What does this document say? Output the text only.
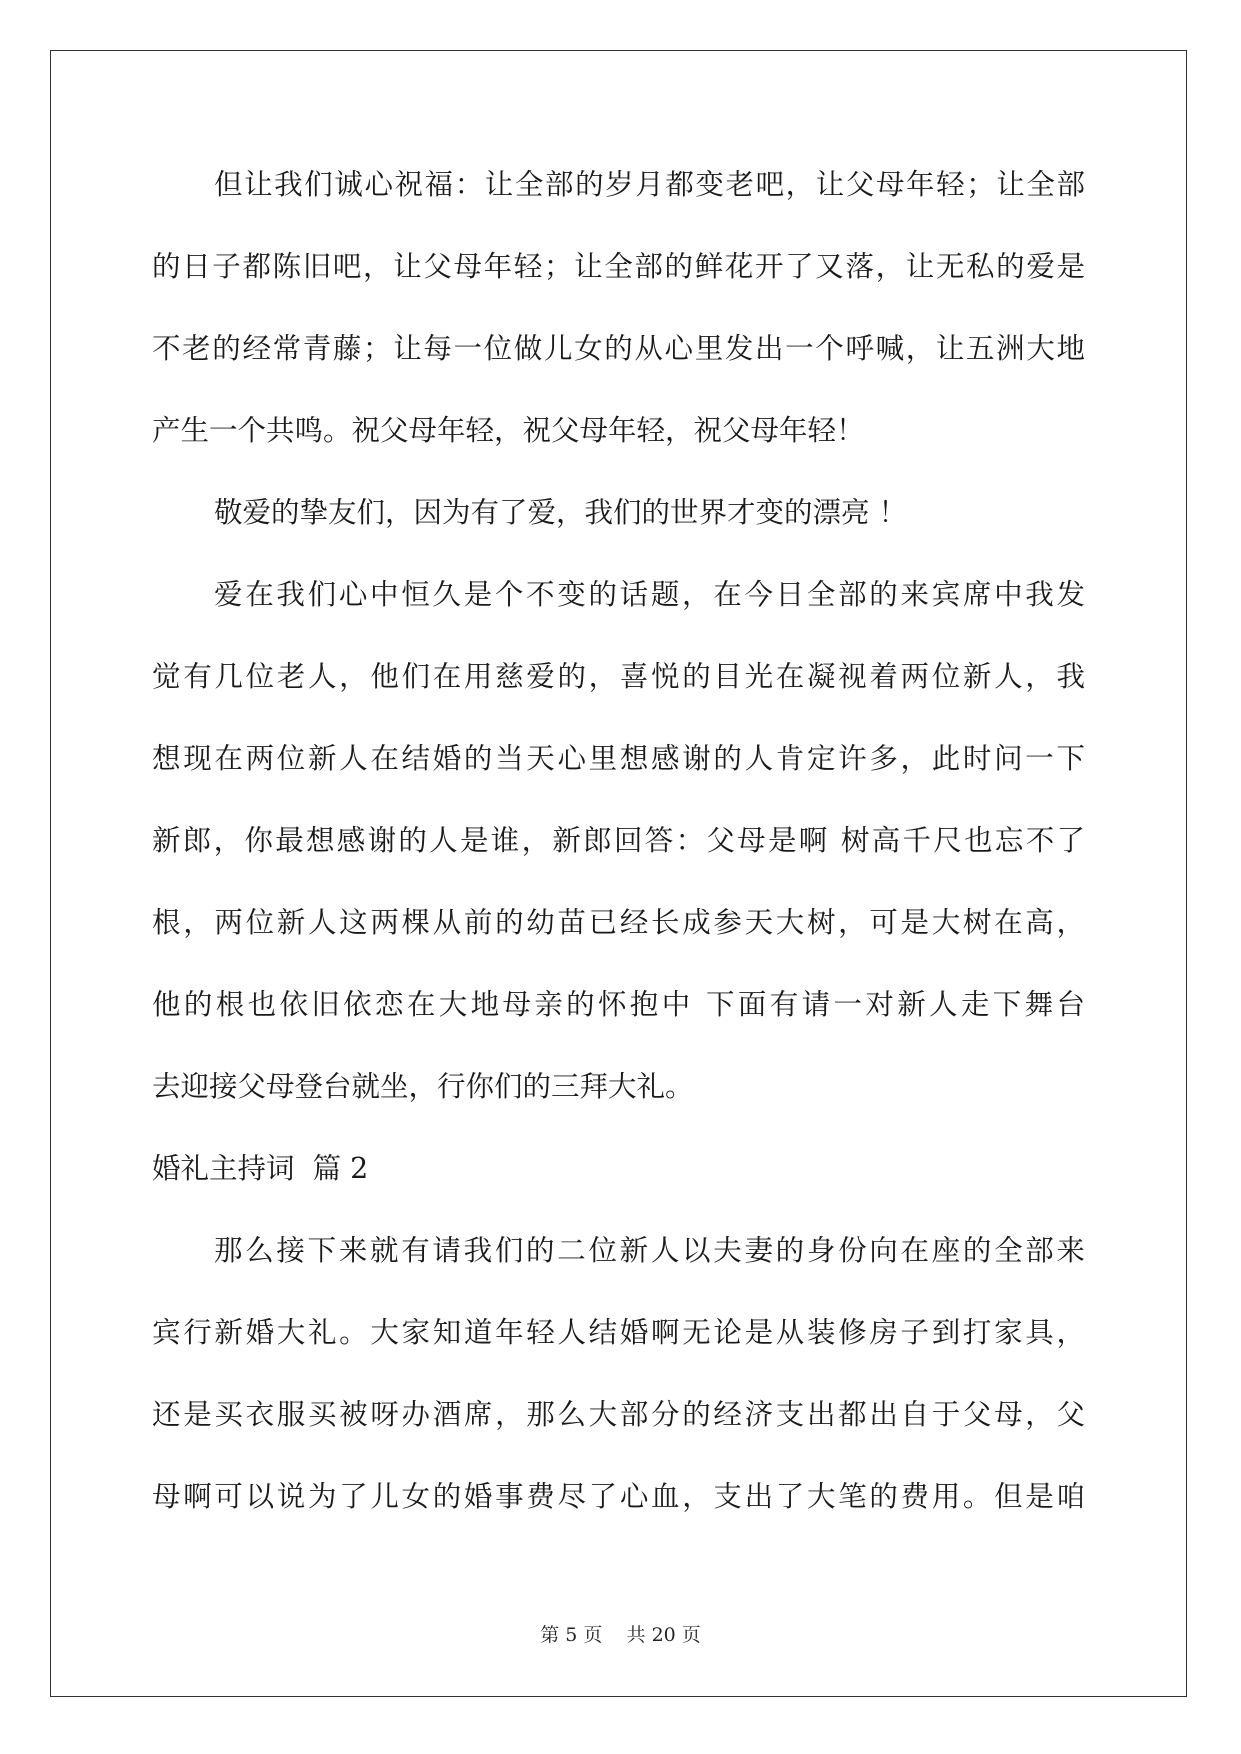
但让我们诚心祝福：让全部的岁月都变老吧，让父母年轻；让全部
的日子都陈旧吧，让父母年轻；让全部的鲜花开了又落，让无私的爱是
不老的经常青藤；让每一位做儿女的从心里发出一个呼喊，让五洲大地
产生一个共鸣。祝父母年轻，祝父母年轻，祝父母年轻！
敬爱的挚友们，因为有了爱，我们的世界才变的漂亮 ！
爱在我们心中恒久是个不变的话题，在今日全部的来宾席中我发
觉有几位老人，他们在用慈爱的，喜悦的目光在凝视着两位新人，我
想现在两位新人在结婚的当天心里想感谢的人肯定许多，此时问一下
新郎，你最想感谢的人是谁，新郎回答：父母是啊 树高千尺也忘不了
根，两位新人这两棵从前的幼苗已经长成参天大树，可是大树在高，
他的根也依旧依恋在大地母亲的怀抱中 下面有请一对新人走下舞台
去迎接父母登台就坐，行你们的三拜大礼。
婚礼主持词  篇 2
那么接下来就有请我们的二位新人以夫妻的身份向在座的全部来
宾行新婚大礼。大家知道年轻人结婚啊无论是从装修房子到打家具，
还是买衣服买被呀办酒席，那么大部分的经济支出都出自于父母，父
母啊可以说为了儿女的婚事费尽了心血，支出了大笔的费用。但是咱
第 5 页    共 20 页
